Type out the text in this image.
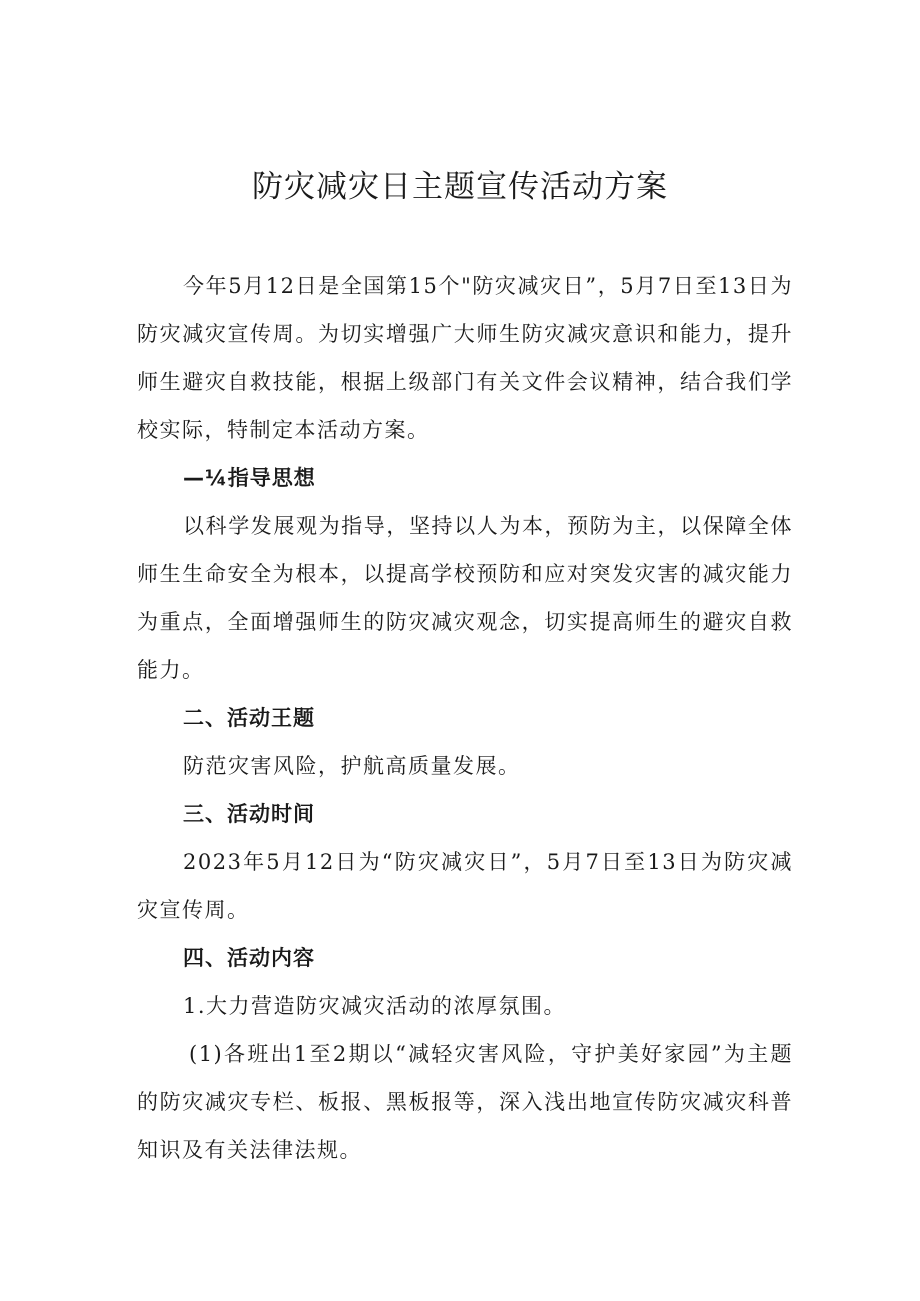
防灾减灾日主题宣传活动方案

今年5月12日是全国第15个"防灾减灾日”，5月7日至13日为防灾减灾宣传周。为切实增强广大师生防灾减灾意识和能力，提升师生避灾自救技能，根据上级部门有关文件会议精神，结合我们学校实际，特制定本活动方案。

—¼指导思想

以科学发展观为指导，坚持以人为本，预防为主，以保障全体师生生命安全为根本，以提高学校预防和应对突发灾害的减灾能力为重点，全面增强师生的防灾减灾观念，切实提高师生的避灾自救能力。

二、活动王题

防范灾害风险，护航高质量发展。

三、活动时间

2023年5月12日为“防灾减灾日”，5月7日至13日为防灾减灾宣传周。

四、活动内容

1.大力营造防灾减灾活动的浓厚氛围。

(1)各班出1至2期以“减轻灾害风险，守护美好家园”为主题的防灾减灾专栏、板报、黑板报等，深入浅出地宣传防灾减灾科普知识及有关法律法规。
